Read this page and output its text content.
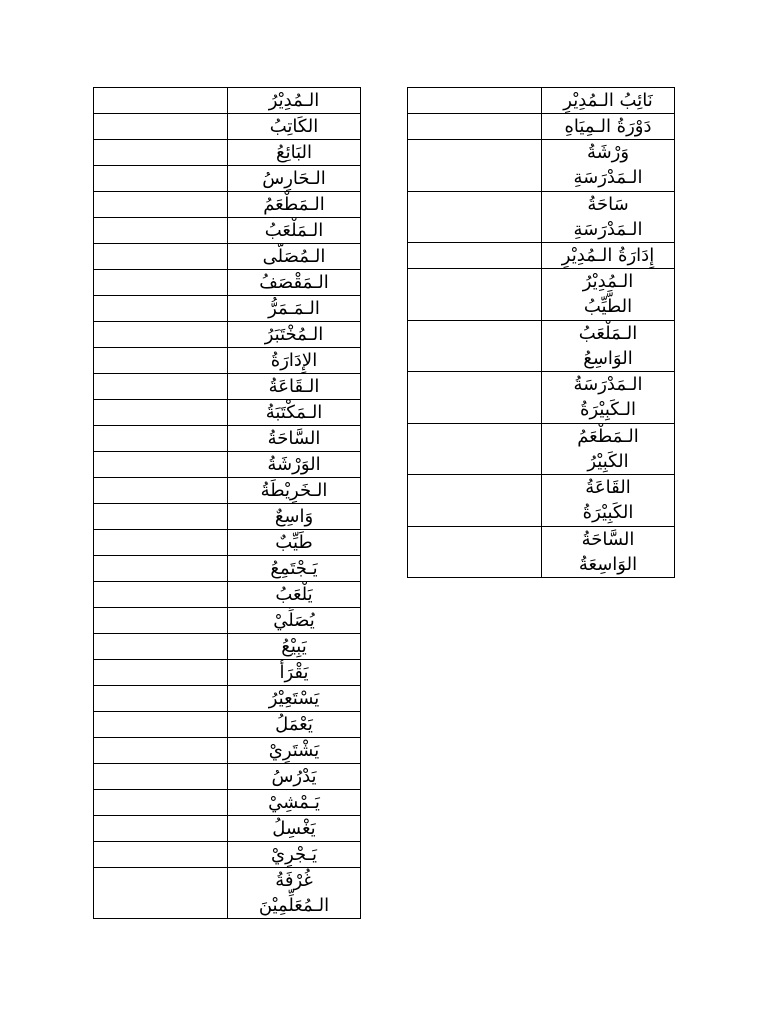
	الـمُدِيْرُ
	الكَاتِبُ
	البَائِعُ
	الـحَارِسُ
	الـمَطْعَمُ
	الـمَلْعَبُ
	الـمُصَلَّى
	الـمَقْصَفُ
	الـمَـمَرُّ
	الـمُخْتَبَرُ
	الإِدَارَةُ
	الـقَاعَةُ
	الـمَكْتَبَةُ
	السَّاحَةُ
	الوَرْشَةُ
	الـخَرِيْطَةُ
	وَاسِعٌ
	طَيِّبٌ
	يَـجْتَمِعُ
	يَلْعَبُ
	يُصَلِّيْ
	يَبِيْعُ
	يَقْرَأُ
	يَسْتَعِيْرُ
	يَعْمَلُ
	يَشْتَرِيْ
	يَدْرُسُ
	يَـمْشِيْ
	يَغْسِلُ
	يَـجْرِيْ
	غُرْفَةُ
الـمُعَلِّمِيْنَ
	نَائِبُ الـمُدِيْرِ
	دَوْرَةُ الـمِيَاهِ
	وَرْشَةُ
الـمَدْرَسَةِ
	سَاحَةُ
الـمَدْرَسَةِ
	إِدَارَةُ الـمُدِيْرِ
	الـمُدِيْرُ
الطَّيِّبُ
	الـمَلْعَبُ
الوَاسِعُ
	الـمَدْرَسَةُ
الـكَبِيْرَةُ
	الـمَطْعَمُ
الكَبِيْرُ
	القَاعَةُ
الكَبِيْرَةُ
	السَّاحَةُ
الوَاسِعَةُ
